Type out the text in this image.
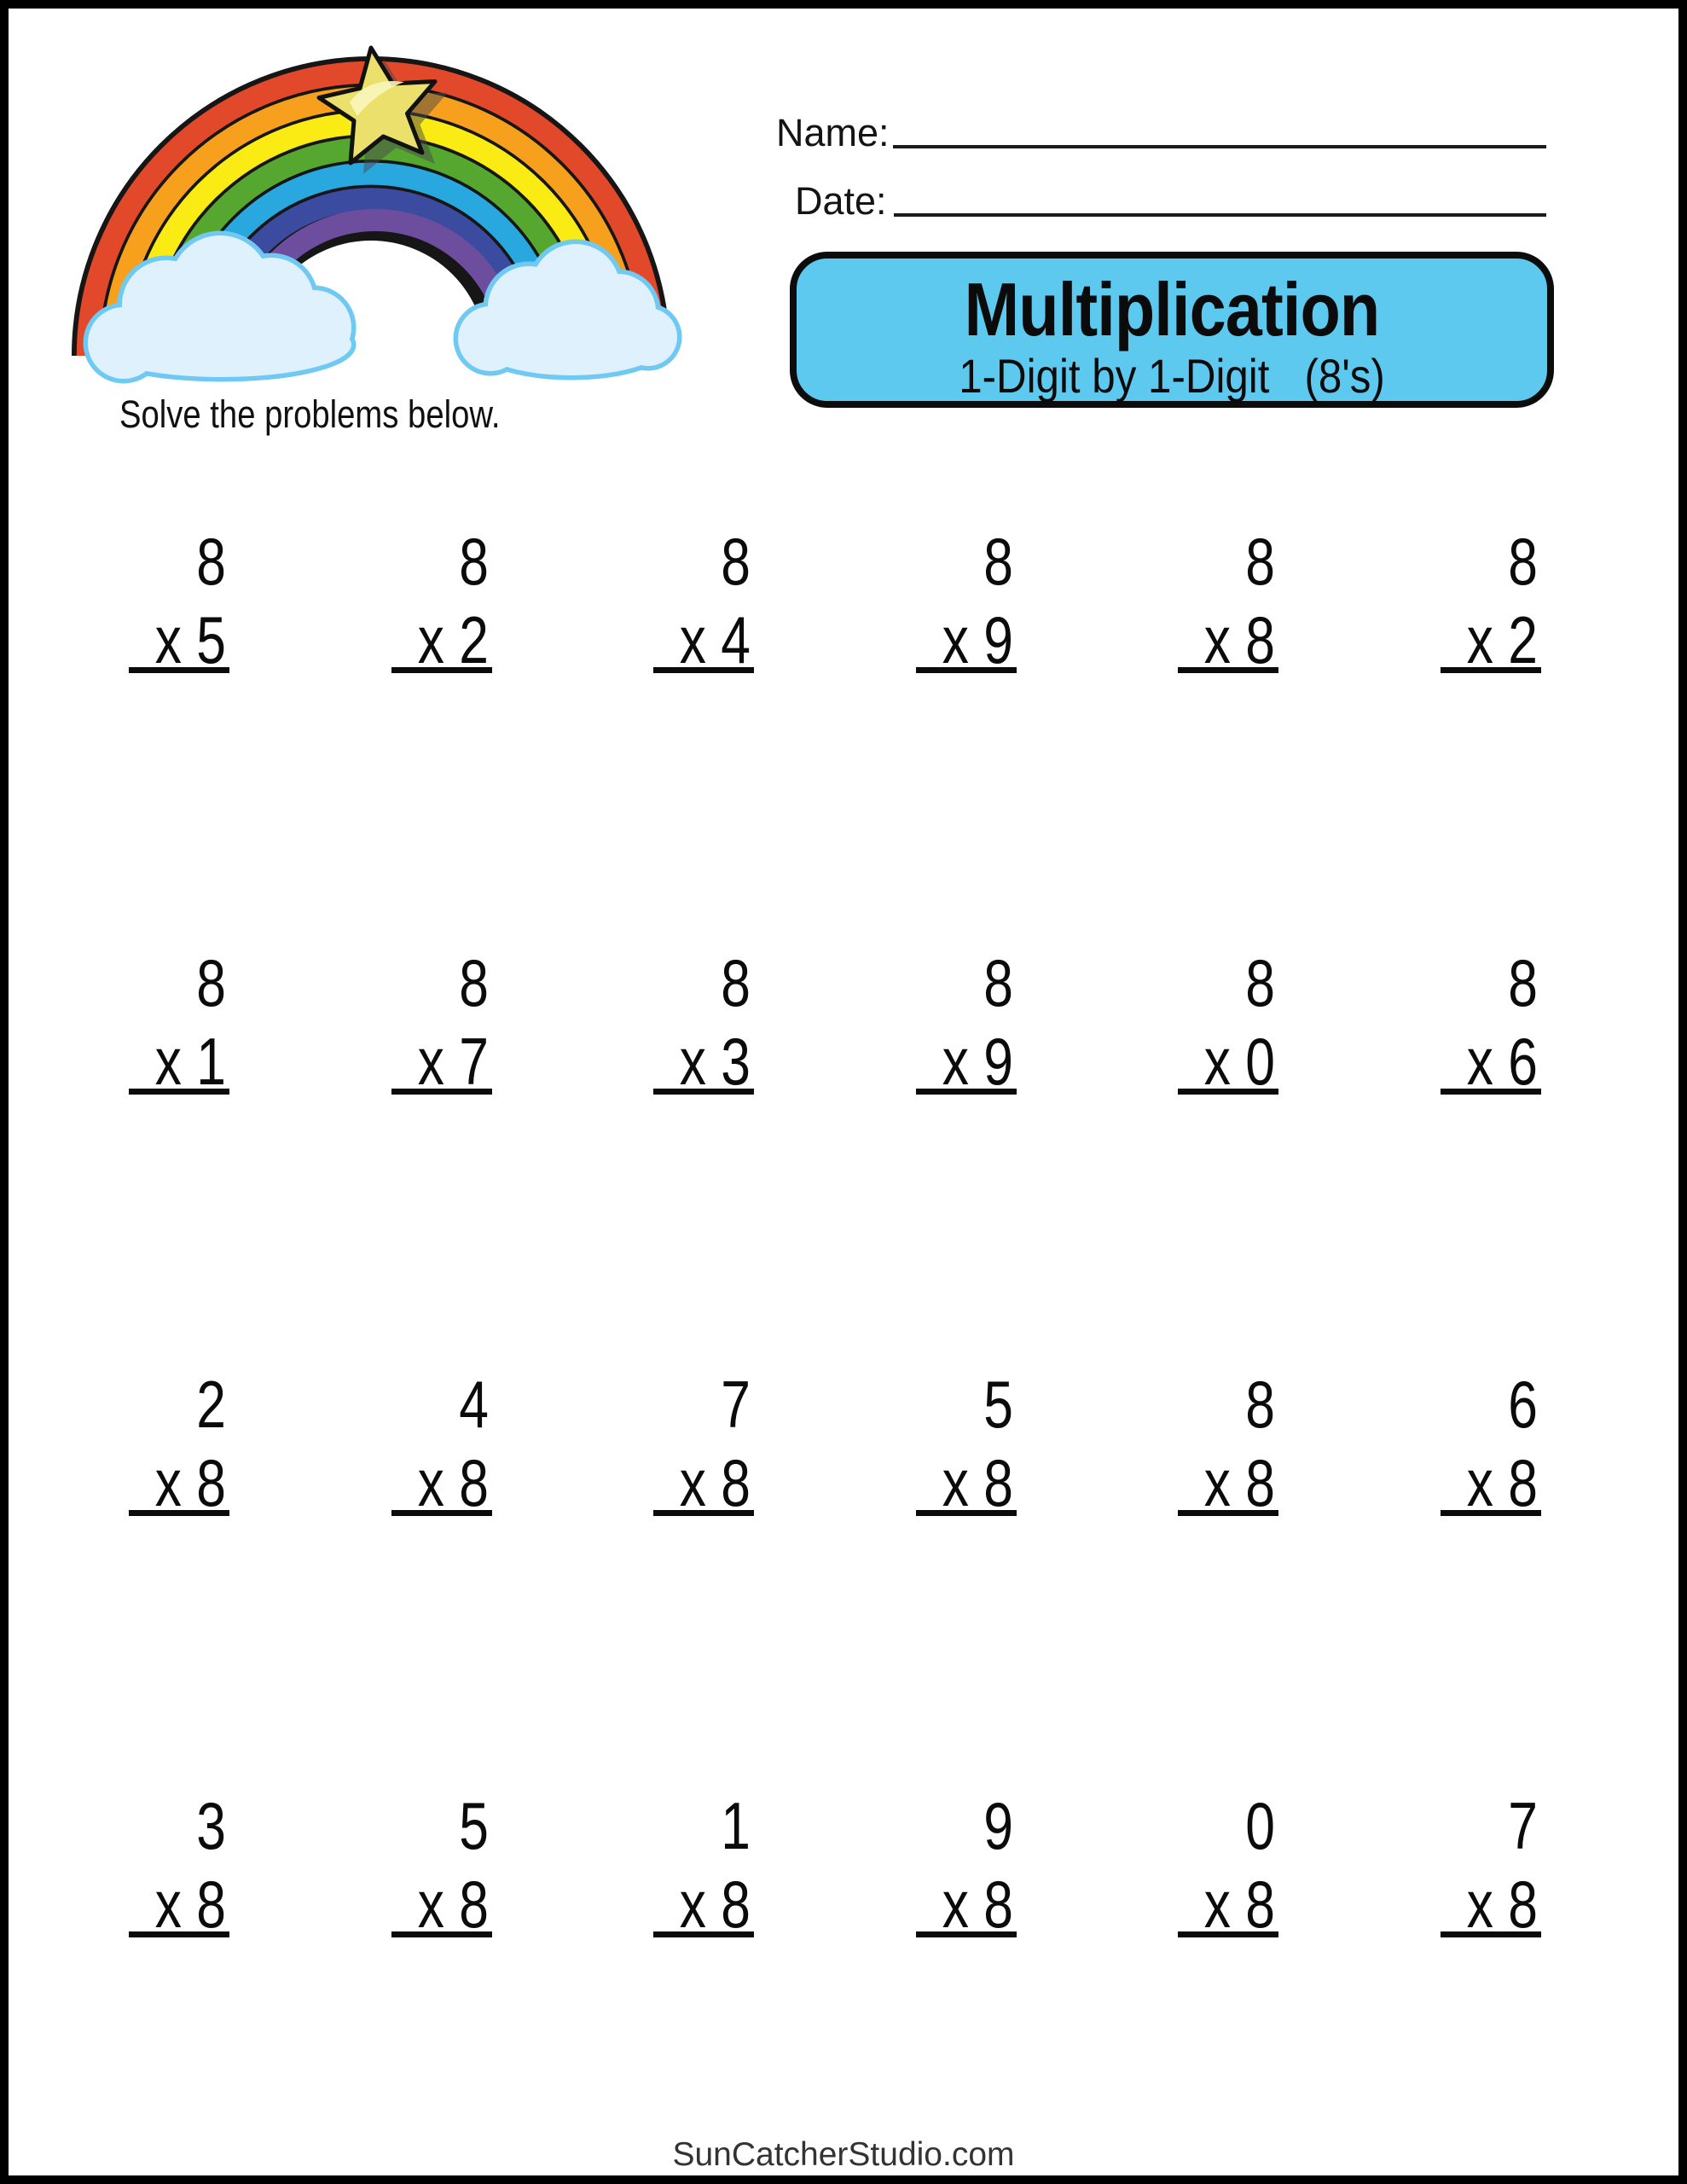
Solve the problems below.
Name:
Date:
Multiplication
1-Digit by 1-Digit   (8's)
8
x 5
8
x 2
8
x 4
8
x 9
8
x 8
8
x 2
8
x 1
8
x 7
8
x 3
8
x 9
8
x 0
8
x 6
2
x 8
4
x 8
7
x 8
5
x 8
8
x 8
6
x 8
3
x 8
5
x 8
1
x 8
9
x 8
0
x 8
7
x 8
SunCatcherStudio.com
